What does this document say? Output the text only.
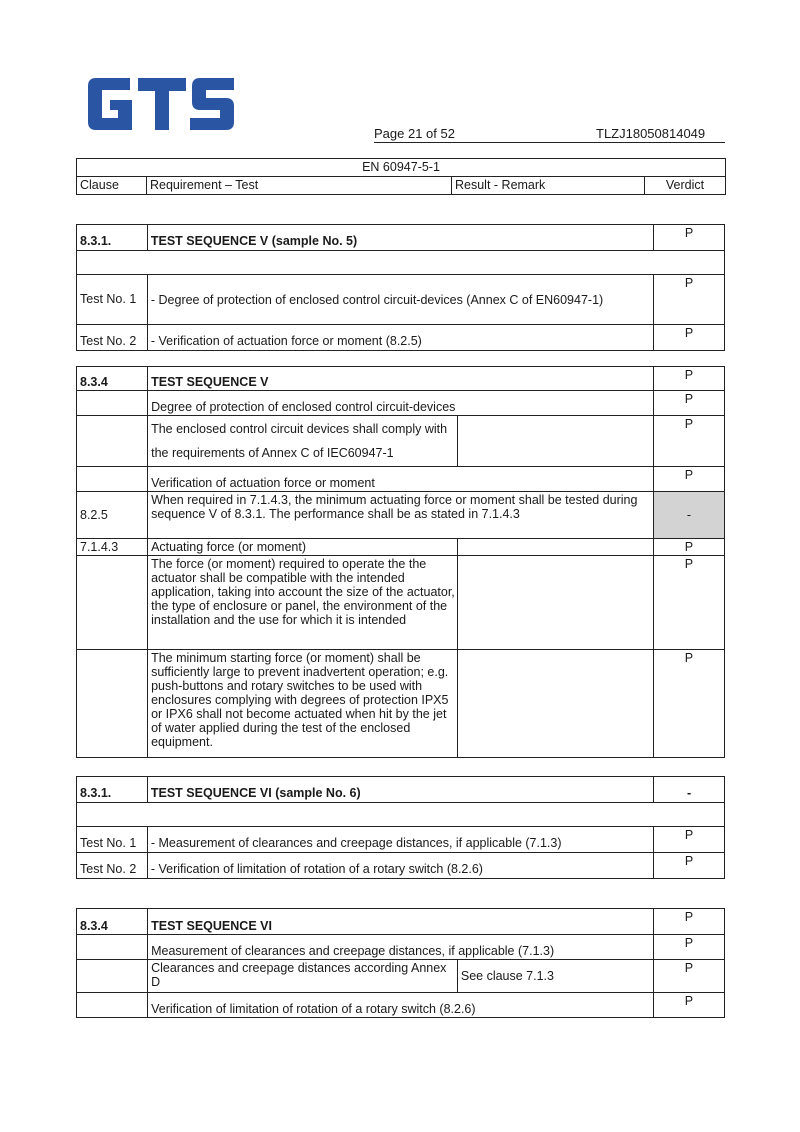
Page 21 of 52	TLZJ18050814049
EN 60947-5-1
Clause	Requirement – Test	Result - Remark	Verdict
8.3.1.	TEST SEQUENCE V (sample No. 5)	P

Test No. 1	- Degree of protection of enclosed control circuit-devices (Annex C of EN60947-1)	P
Test No. 2	- Verification of actuation force or moment (8.2.5)	P
8.3.4	TEST SEQUENCE V		P
	Degree of protection of enclosed control circuit-devices		P
	The enclosed control circuit devices shall comply with the requirements of Annex C of IEC60947-1		P
	Verification of actuation force or moment		P
8.2.5	When required in 7.1.4.3, the minimum actuating force or moment shall be tested during sequence V of 8.3.1. The performance shall be as stated in 7.1.4.3		-
7.1.4.3	Actuating force (or moment)		P
	The force (or moment) required to operate the the actuator shall be compatible with the intended application, taking into account the size of the actuator, the type of enclosure or panel, the environment of the installation and the use for which it is intended		P
	The minimum starting force (or moment) shall be sufficiently large to prevent inadvertent operation; e.g. push-buttons and rotary switches to be used with enclosures complying with degrees of protection IPX5 or IPX6 shall not become actuated when hit by the jet of water applied during the test of the enclosed equipment.		P
8.3.1.	TEST SEQUENCE VI (sample No. 6)	-

Test No. 1	- Measurement of clearances and creepage distances, if applicable (7.1.3)	P
Test No. 2	- Verification of limitation of rotation of a rotary switch (8.2.6)	P
8.3.4	TEST SEQUENCE VI		P
	Measurement of clearances and creepage distances, if applicable (7.1.3)		P
	Clearances and creepage distances according Annex D	See clause 7.1.3	P
	Verification of limitation of rotation of a rotary switch (8.2.6)		P
